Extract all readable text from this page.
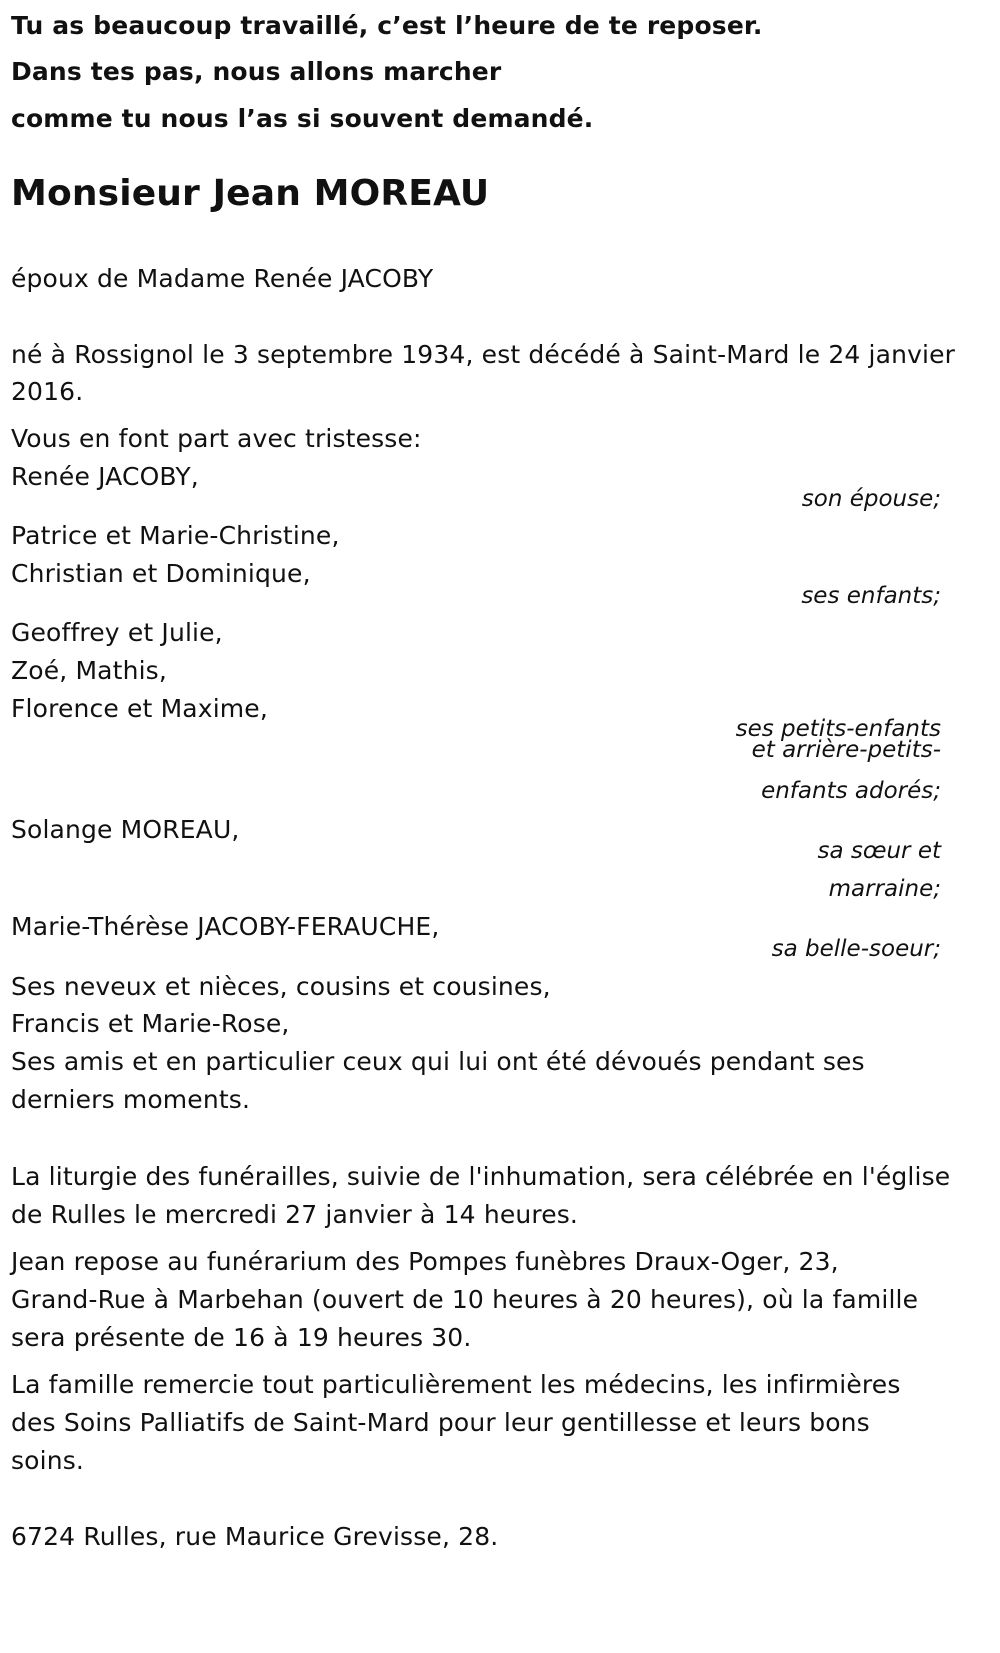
Tu as beaucoup travaillé, c’est l’heure de te reposer.
Dans tes pas, nous allons marcher
comme tu nous l’as si souvent demandé.
Monsieur Jean MOREAU
époux de Madame Renée JACOBY
né à Rossignol le 3 septembre 1934, est décédé à Saint-Mard le 24 janvier
2016.
Vous en font part avec tristesse:
Renée JACOBY,
son épouse;
Patrice et Marie-Christine,
Christian et Dominique,
ses enfants;
Geoffrey et Julie,
Zoé, Mathis,
Florence et Maxime,
ses petits-enfants
et arrière-petits-
enfants adorés;
Solange MOREAU,
sa sœur et
marraine;
Marie-Thérèse JACOBY-FERAUCHE,
sa belle-soeur;
Ses neveux et nièces, cousins et cousines,
Francis et Marie-Rose,
Ses amis et en particulier ceux qui lui ont été dévoués pendant ses
derniers moments.
La liturgie des funérailles, suivie de l'inhumation, sera célébrée en l'église
de Rulles le mercredi 27 janvier à 14 heures.
Jean repose au funérarium des Pompes funèbres Draux-Oger, 23,
Grand-Rue à Marbehan (ouvert de 10 heures à 20 heures), où la famille
sera présente de 16 à 19 heures 30.
La famille remercie tout particulièrement les médecins, les infirmières
des Soins Palliatifs de Saint-Mard pour leur gentillesse et leurs bons
soins.
6724 Rulles, rue Maurice Grevisse, 28.
